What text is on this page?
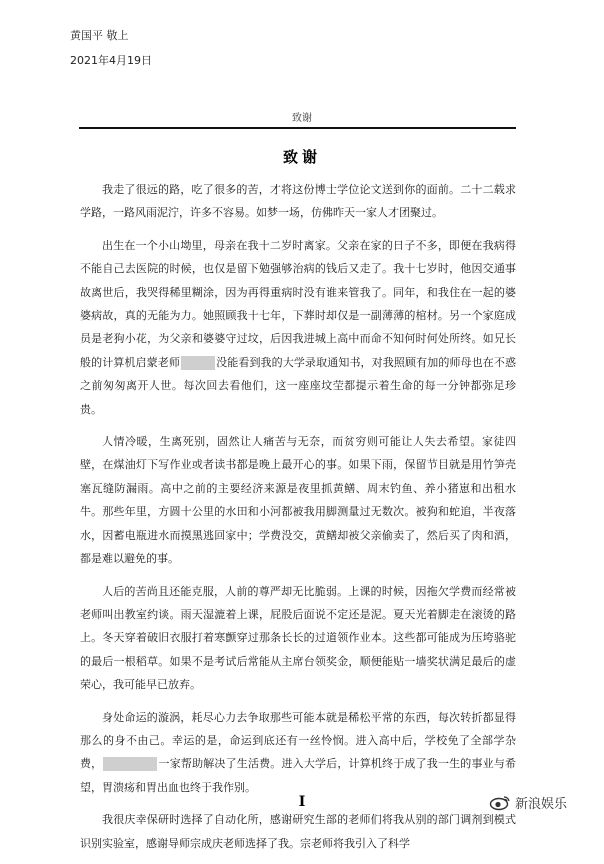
黄国平 敬上
2021年4月19日
致谢
致谢

我走了很远的路，吃了很多的苦，才将这份博士学位论文送到你的面前。二十二载求学路，一路风雨泥泞，许多不容易。如梦一场，仿佛昨天一家人才团聚过。

出生在一个小山坳里，母亲在我十二岁时离家。父亲在家的日子不多，即便在我病得不能自己去医院的时候，也仅是留下勉强够治病的钱后又走了。我十七岁时，他因交通事故离世后，我哭得稀里糊涂，因为再得重病时没有谁来管我了。同年，和我住在一起的婆婆病故，真的无能为力。她照顾我十七年，下葬时却仅是一副薄薄的棺材。另一个家庭成员是老狗小花，为父亲和婆婆守过坟，后因我进城上高中而命不知何时何处所终。如兄长般的计算机启蒙老师	没能看到我的大学录取通知书，对我照顾有加的师母也在不惑之前匆匆离开人世。每次回去看他们，这一座座坟茔都提示着生命的每一分钟都弥足珍贵。

人情冷暖，生离死别，固然让人痛苦与无奈，而贫穷则可能让人失去希望。家徒四壁，在煤油灯下写作业或者读书都是晚上最开心的事。如果下雨，保留节目就是用竹笋壳塞瓦缝防漏雨。高中之前的主要经济来源是夜里抓黄鳝、周末钓鱼、养小猪崽和出租水牛。那些年里，方圆十公里的水田和小河都被我用脚测量过无数次。被狗和蛇追，半夜落水，因蓄电瓶进水而摸黑逃回家中；学费没交，黄鳝却被父亲偷卖了，然后买了肉和酒，都是难以避免的事。

人后的苦尚且还能克服，人前的尊严却无比脆弱。上课的时候，因拖欠学费而经常被老师叫出教室约谈。雨天湿漉着上课，屁股后面说不定还是泥。夏天光着脚走在滚烫的路上。冬天穿着破旧衣服打着寒颤穿过那条长长的过道领作业本。这些都可能成为压垮骆驼的最后一根稻草。如果不是考试后常能从主席台领奖金，顺便能贴一墙奖状满足最后的虚荣心，我可能早已放弃。

身处命运的漩涡，耗尽心力去争取那些可能本就是稀松平常的东西，每次转折都显得那么的身不由己。幸运的是，命运到底还有一丝怜悯。进入高中后，学校免了全部学杂费，	一家帮助解决了生活费。进入大学后，计算机终于成了我一生的事业与希望，胃溃疡和胃出血也终于我作别。

我很庆幸保研时选择了自动化所，感谢研究生部的老师们将我从别的部门调剂到模式识别实验室，感谢导师宗成庆老师选择了我。宗老师将我引入了科学

I	新浪娱乐
